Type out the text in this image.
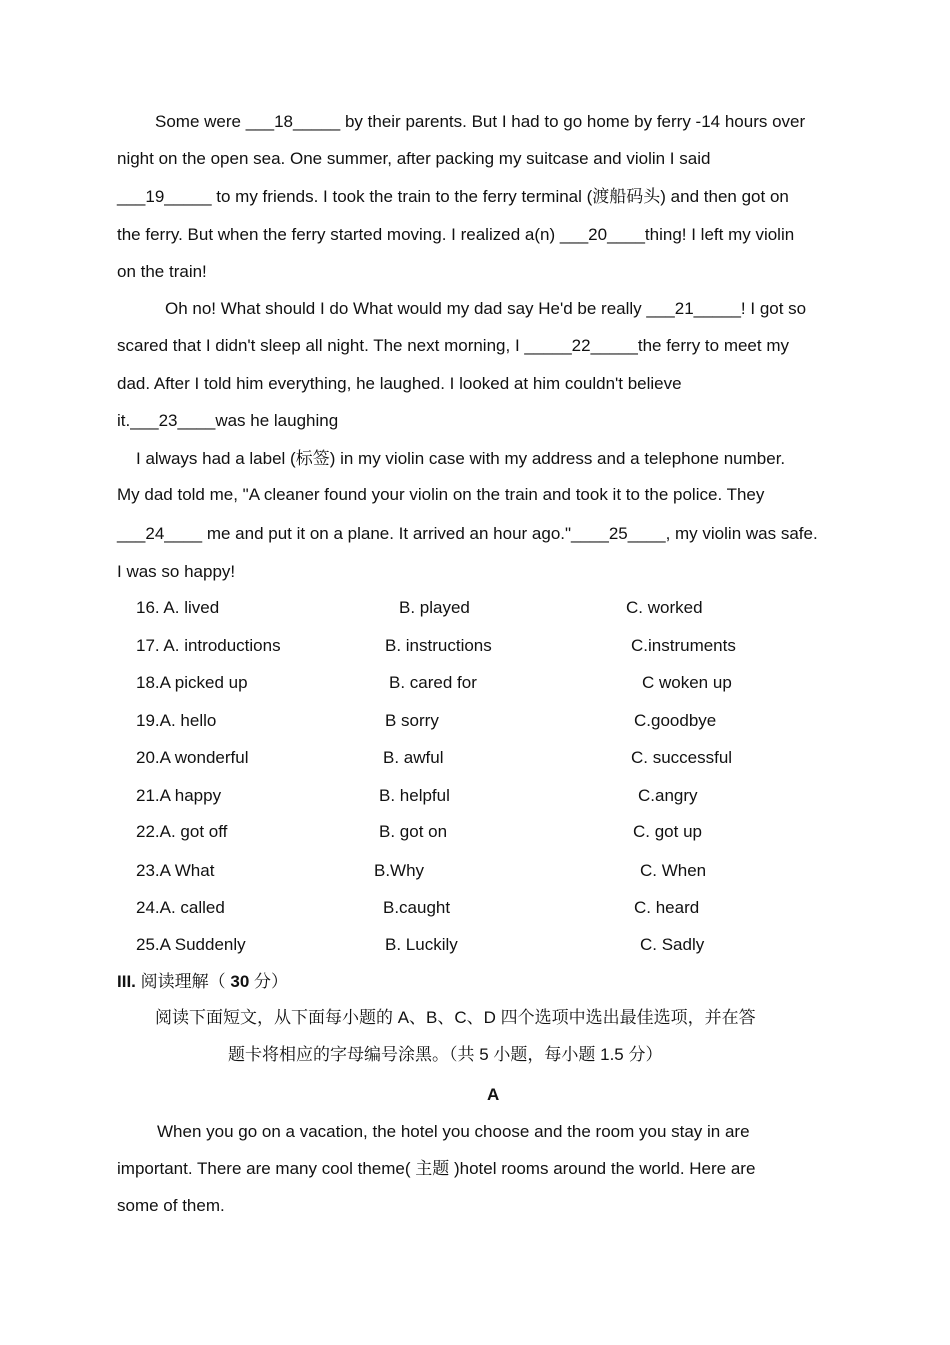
Some were ___18_____ by their parents. But I had to go home by ferry -14 hours over
night on the open sea. One summer, after packing my suitcase and violin I said
___19_____ to my friends. I took the train to the ferry terminal (渡船码头) and then got on
the ferry. But when the ferry started moving. I realized a(n) ___20____thing! I left my violin
on the train!
Oh no! What should I do What would my dad say He'd be really ___21_____! I got so
scared that I didn't sleep all night. The next morning, I _____22_____the ferry to meet my
dad. After I told him everything, he laughed. I looked at him couldn't believe
it.___23____was he laughing
I always had a label (标签) in my violin case with my address and a telephone number.
My dad told me, "A cleaner found your violin on the train and took it to the police. They
___24____ me and put it on a plane. It arrived an hour ago."____25____, my violin was safe.
I was so happy!
16. A. lived	B. played	C. worked
17. A. introductions	B. instructions	C.instruments
18.A picked up	B. cared for	C woken up
19.A. hello	B sorry	C.goodbye
20.A wonderful	B. awful	C. successful
21.A happy	B. helpful	C.angry
22.A. got off	B. got on	C. got up
23.A What	B.Why	C. When
24.A. called	B.caught	C. heard
25.A Suddenly	B. Luckily	C. Sadly
III. 阅读理解（ 30 分）
阅读下面短文，从下面每小题的 A、B、C、D 四个选项中选出最佳选项，并在答
题卡将相应的字母编号涂黑。（共 5 小题，每小题 1.5 分）
A
When you go on a vacation, the hotel you choose and the room you stay in are
important. There are many cool theme( 主题 )hotel rooms around the world. Here are
some of them.
